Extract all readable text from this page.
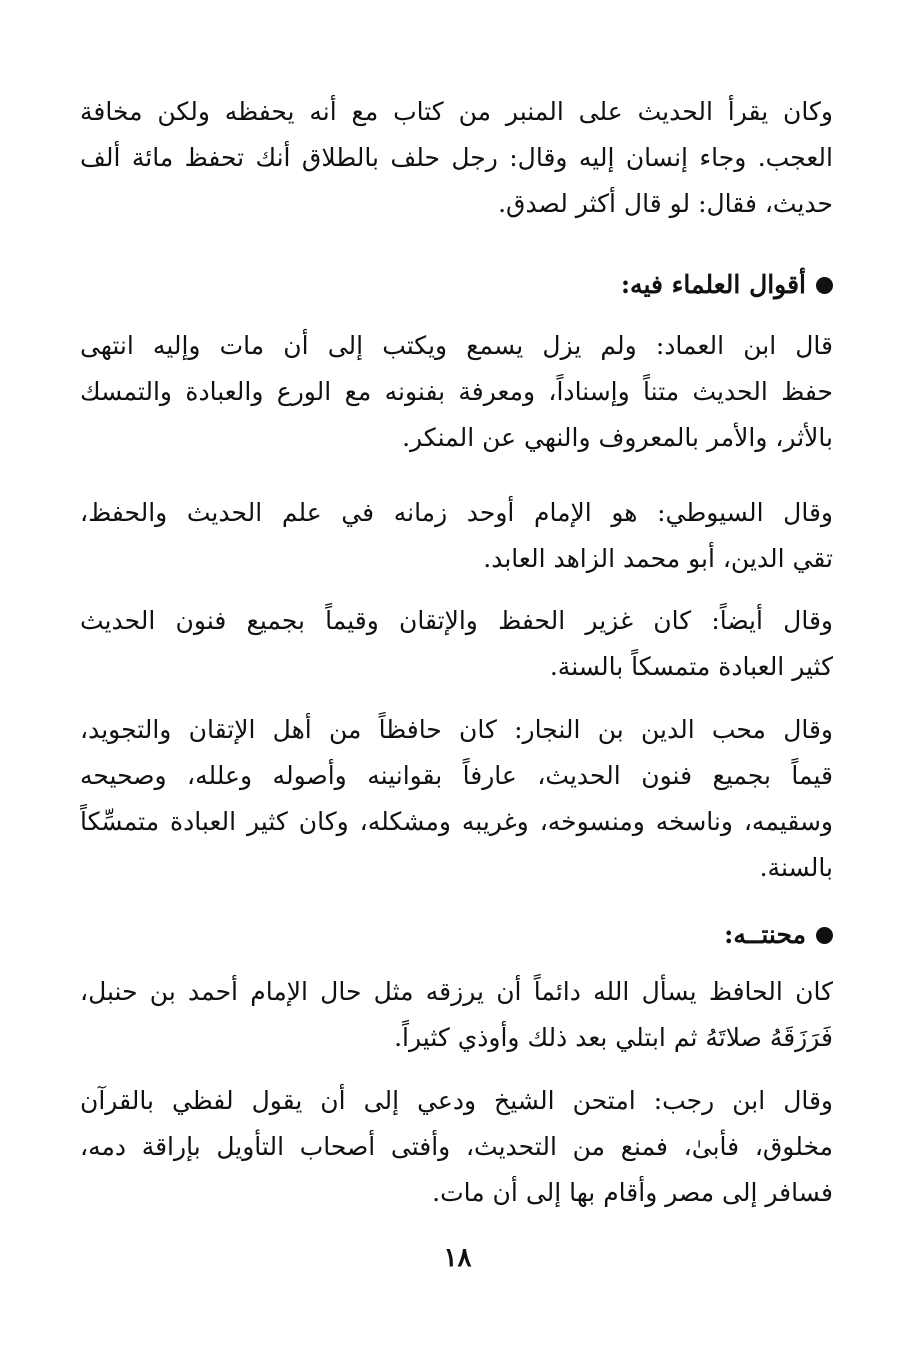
وكان يقرأ الحديث على المنبر من كتاب مع أنه يحفظه ولكن مخافة
العجب. وجاء إنسان إليه وقال: رجل حلف بالطلاق أنك تحفظ مائة ألف
حديث، فقال: لو قال أكثر لصدق.
أقوال العلماء فيه:
قال ابن العماد: ولم يزل يسمع ويكتب إلى أن مات وإليه انتهى
حفظ الحديث متناً وإسناداً، ومعرفة بفنونه مع الورع والعبادة والتمسك
بالأثر، والأمر بالمعروف والنهي عن المنكر.
وقال السيوطي: هو الإمام أوحد زمانه في علم الحديث والحفظ،
تقي الدين، أبو محمد الزاهد العابد.
وقال أيضاً: كان غزير الحفظ والإتقان وقيماً بجميع فنون الحديث
كثير العبادة متمسكاً بالسنة.
وقال محب الدين بن النجار: كان حافظاً من أهل الإتقان والتجويد،
قيماً بجميع فنون الحديث، عارفاً بقوانينه وأصوله وعلله، وصحيحه
وسقيمه، وناسخه ومنسوخه، وغريبه ومشكله، وكان كثير العبادة متمسِّكاً
بالسنة.
محنتــه:
كان الحافظ يسأل الله دائماً أن يرزقه مثل حال الإمام أحمد بن حنبل،
فَرَزَقَهُ صلاتَهُ ثم ابتلي بعد ذلك وأوذي كثيراً.
وقال ابن رجب: امتحن الشيخ ودعي إلى أن يقول لفظي بالقرآن
مخلوق، فأبىٰ، فمنع من التحديث، وأفتى أصحاب التأويل بإراقة دمه،
فسافر إلى مصر وأقام بها إلى أن مات.
١٨
